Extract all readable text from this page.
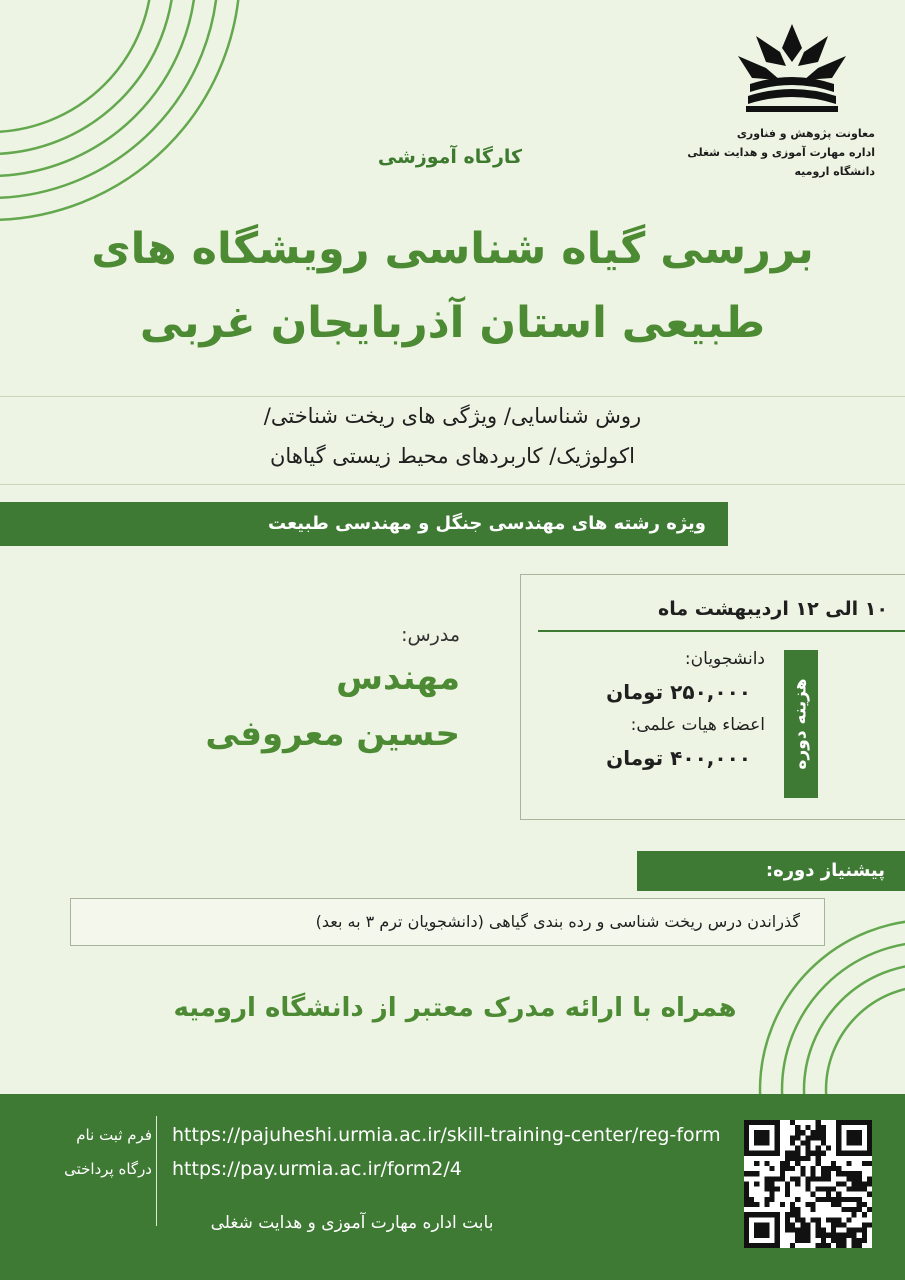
معاونت پژوهش و فناوری
اداره مهارت آموزی و هدایت شغلی
دانشگاه ارومیه
کارگاه آموزشی
بررسی گیاه شناسی رویشگاه های
طبیعی استان آذربایجان غربی
روش شناسایی/ ویژگی های ریخت شناختی/
اکولوژیک/ کاربردهای محیط زیستی گیاهان
ویژه رشته های مهندسی جنگل و مهندسی طبیعت
۱۰ الی ۱۲ اردیبهشت ماه
دانشجویان:
۲۵۰,۰۰۰ تومان
اعضاء هیات علمی:
۴۰۰,۰۰۰ تومان	هزینه دوره
مدرس:
مهندس
حسین معروفی
پیشنیاز دوره:
گذراندن درس ریخت شناسی و رده بندی گیاهی (دانشجویان ترم ۳ به بعد)
همراه با ارائه مدرک معتبر از دانشگاه ارومیه
فرم ثبت نام
درگاه پرداختی
https://pajuheshi.urmia.ac.ir/skill-training-center/reg-form
https://pay.urmia.ac.ir/form2/4
بابت اداره مهارت آموزی و هدایت شغلی
